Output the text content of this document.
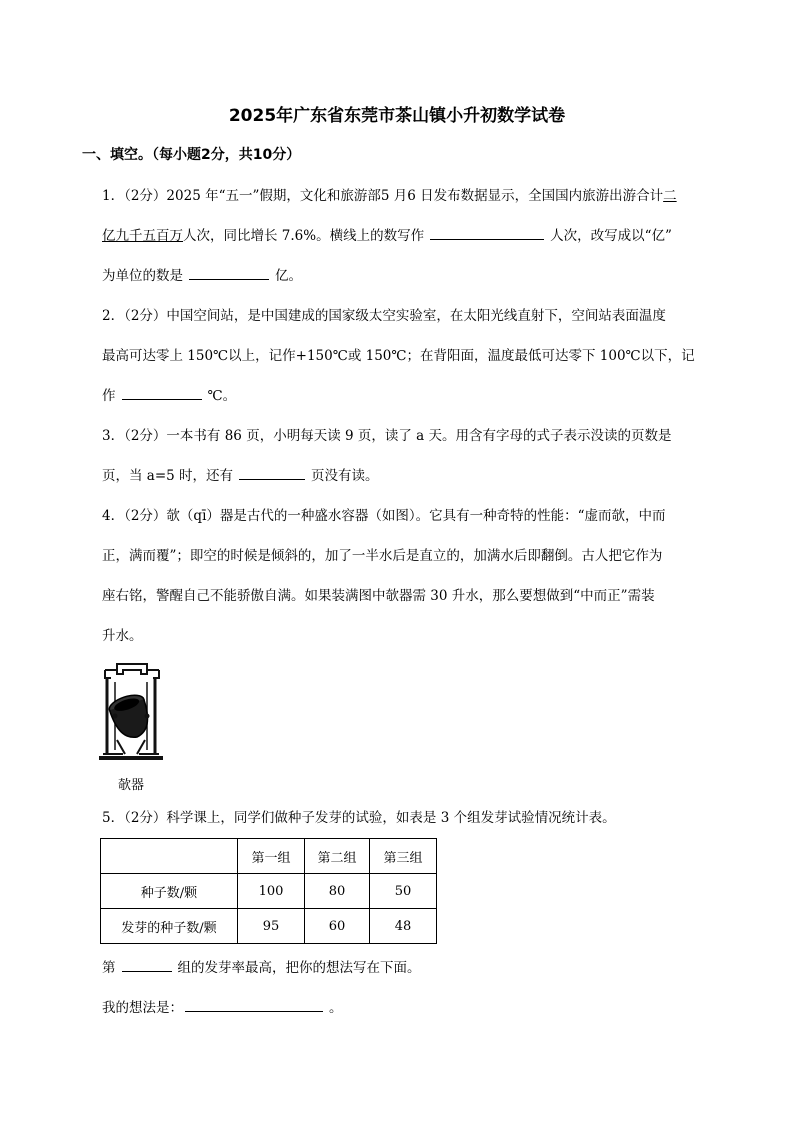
2025年广东省东莞市茶山镇小升初数学试卷
一、填空。（每小题2分，共10分）
1．（2分）2025 年“五一”假期，文化和旅游部5 月6 日发布数据显示，全国国内旅游出游合计二
亿九千五百万人次，同比增长 7.6%。横线上的数写作	人次，改写成以“亿”
为单位的数是	亿。
2．（2分）中国空间站，是中国建成的国家级太空实验室，在太阳光线直射下，空间站表面温度
最高可达零上 150℃以上，记作+150℃或 150℃；在背阳面，温度最低可达零下 100℃以下，记
作	℃。
3．（2分）一本书有 86 页，小明每天读 9 页，读了 a 天。用含有字母的式子表示没读的页数是
页，当 a=5 时，还有	页没有读。
4．（2分）欹（qī）器是古代的一种盛水容器（如图）。它具有一种奇特的性能：“虚而欹，中而
正，满而覆”；即空的时候是倾斜的，加了一半水后是直立的，加满水后即翻倒。古人把它作为
座右铭，警醒自己不能骄傲自满。如果装满图中欹器需 30 升水，那么要想做到“中而正”需装
升水。
欹器
5．（2分）科学课上，同学们做种子发芽的试验，如表是 3 个组发芽试验情况统计表。
	第一组	第二组	第三组
种子数/颗	100	80	50
发芽的种子数/颗	95	60	48
第	组的发芽率最高，把你的想法写在下面。
我的想法是：	。
